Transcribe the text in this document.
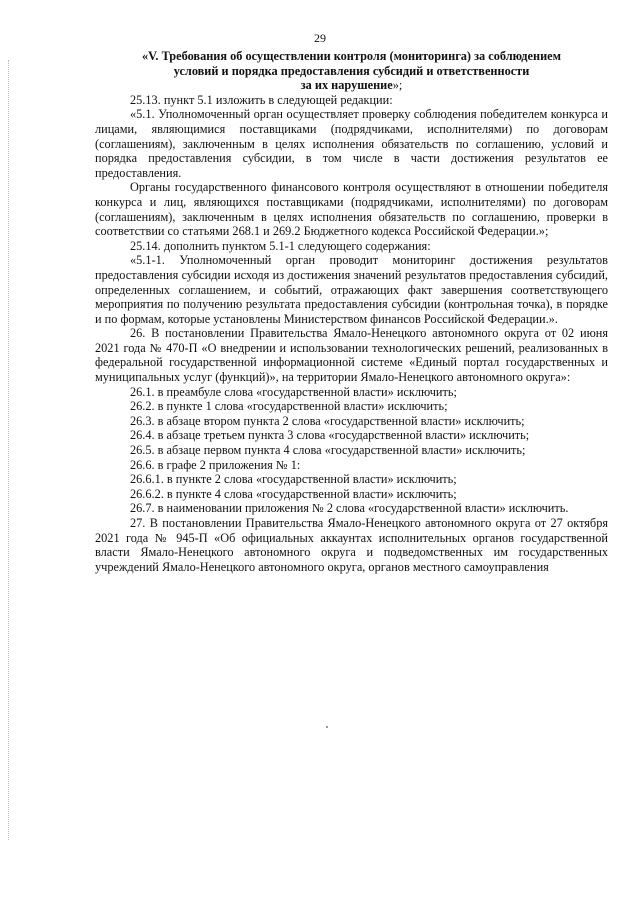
29
«V. Требования об осуществлении контроля (мониторинга) за соблюдением
условий и порядка предоставления субсидий и ответственности
за их нарушение»;

25.13. пункт 5.1 изложить в следующей редакции:

«5.1. Уполномоченный орган осуществляет проверку соблюдения победителем конкурса и лицами, являющимися поставщиками (подрядчиками, исполнителями) по договорам (соглашениям), заключенным в целях исполнения обязательств по соглашению, условий и порядка предоставления субсидии, в том числе в части достижения результатов ее предоставления.

Органы государственного финансового контроля осуществляют в отношении победителя конкурса и лиц, являющихся поставщиками (подрядчиками, исполнителями) по договорам (соглашениям), заключенным в целях исполнения обязательств по соглашению, проверки в соответствии со статьями 268.1 и 269.2 Бюджетного кодекса Российской Федерации.»;

25.14. дополнить пунктом 5.1-1 следующего содержания:

«5.1-1. Уполномоченный орган проводит мониторинг достижения результатов предоставления субсидии исходя из достижения значений результатов предоставления субсидий, определенных соглашением, и событий, отражающих факт завершения соответствующего мероприятия по получению результата предоставления субсидии (контрольная точка), в порядке и по формам, которые установлены Министерством финансов Российской Федерации.».

26. В постановлении Правительства Ямало-Ненецкого автономного округа от 02 июня 2021 года № 470-П «О внедрении и использовании технологических решений, реализованных в федеральной государственной информационной системе «Единый портал государственных и муниципальных услуг (функций)», на территории Ямало-Ненецкого автономного округа»:

26.1. в преамбуле слова «государственной власти» исключить;

26.2. в пункте 1 слова «государственной власти» исключить;

26.3. в абзаце втором пункта 2 слова «государственной власти» исключить;

26.4. в абзаце третьем пункта 3 слова «государственной власти» исключить;

26.5. в абзаце первом пункта 4 слова «государственной власти» исключить;

26.6. в графе 2 приложения № 1:

26.6.1. в пункте 2 слова «государственной власти» исключить;

26.6.2. в пункте 4 слова «государственной власти» исключить;

26.7. в наименовании приложения № 2 слова «государственной власти» исключить.

27. В постановлении Правительства Ямало-Ненецкого автономного округа от 27 октября 2021 года № 945-П «Об официальных аккаунтах исполнительных органов государственной власти Ямало-Ненецкого автономного округа и подведомственных им государственных учреждений Ямало-Ненецкого автономного округа, органов местного самоуправления
